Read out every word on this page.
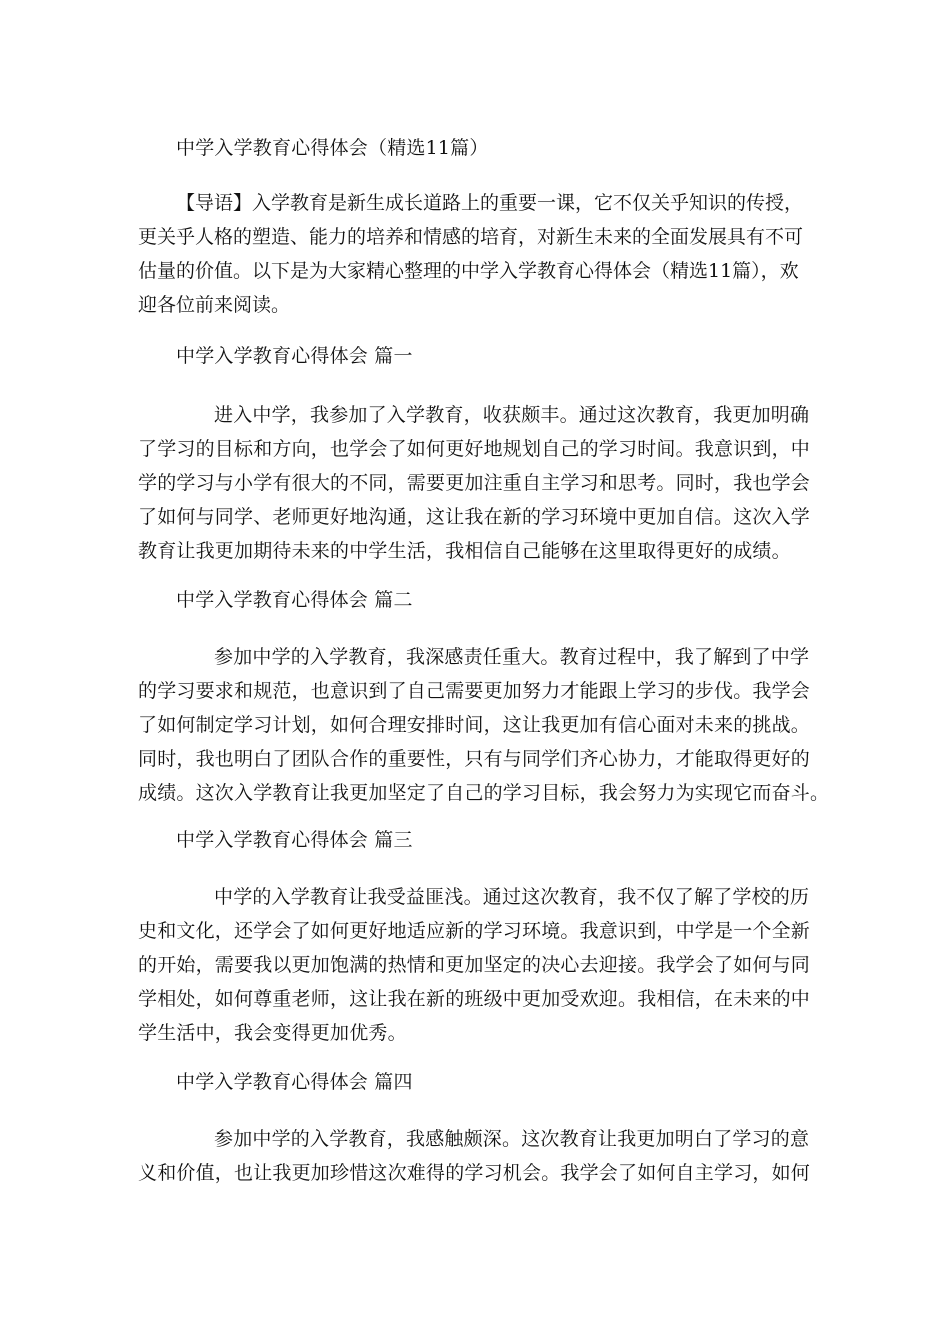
中学入学教育心得体会（精选11篇）
【导语】入学教育是新生成长道路上的重要一课，它不仅关乎知识的传授，
更关乎人格的塑造、能力的培养和情感的培育，对新生未来的全面发展具有不可
估量的价值。以下是为大家精心整理的中学入学教育心得体会（精选11篇），欢
迎各位前来阅读。
中学入学教育心得体会 篇一
进入中学，我参加了入学教育，收获颇丰。通过这次教育，我更加明确
了学习的目标和方向，也学会了如何更好地规划自己的学习时间。我意识到，中
学的学习与小学有很大的不同，需要更加注重自主学习和思考。同时，我也学会
了如何与同学、老师更好地沟通，这让我在新的学习环境中更加自信。这次入学
教育让我更加期待未来的中学生活，我相信自己能够在这里取得更好的成绩。
中学入学教育心得体会 篇二
参加中学的入学教育，我深感责任重大。教育过程中，我了解到了中学
的学习要求和规范，也意识到了自己需要更加努力才能跟上学习的步伐。我学会
了如何制定学习计划，如何合理安排时间，这让我更加有信心面对未来的挑战。
同时，我也明白了团队合作的重要性，只有与同学们齐心协力，才能取得更好的
成绩。这次入学教育让我更加坚定了自己的学习目标，我会努力为实现它而奋斗。
中学入学教育心得体会 篇三
中学的入学教育让我受益匪浅。通过这次教育，我不仅了解了学校的历
史和文化，还学会了如何更好地适应新的学习环境。我意识到，中学是一个全新
的开始，需要我以更加饱满的热情和更加坚定的决心去迎接。我学会了如何与同
学相处，如何尊重老师，这让我在新的班级中更加受欢迎。我相信，在未来的中
学生活中，我会变得更加优秀。
中学入学教育心得体会 篇四
参加中学的入学教育，我感触颇深。这次教育让我更加明白了学习的意
义和价值，也让我更加珍惜这次难得的学习机会。我学会了如何自主学习，如何
